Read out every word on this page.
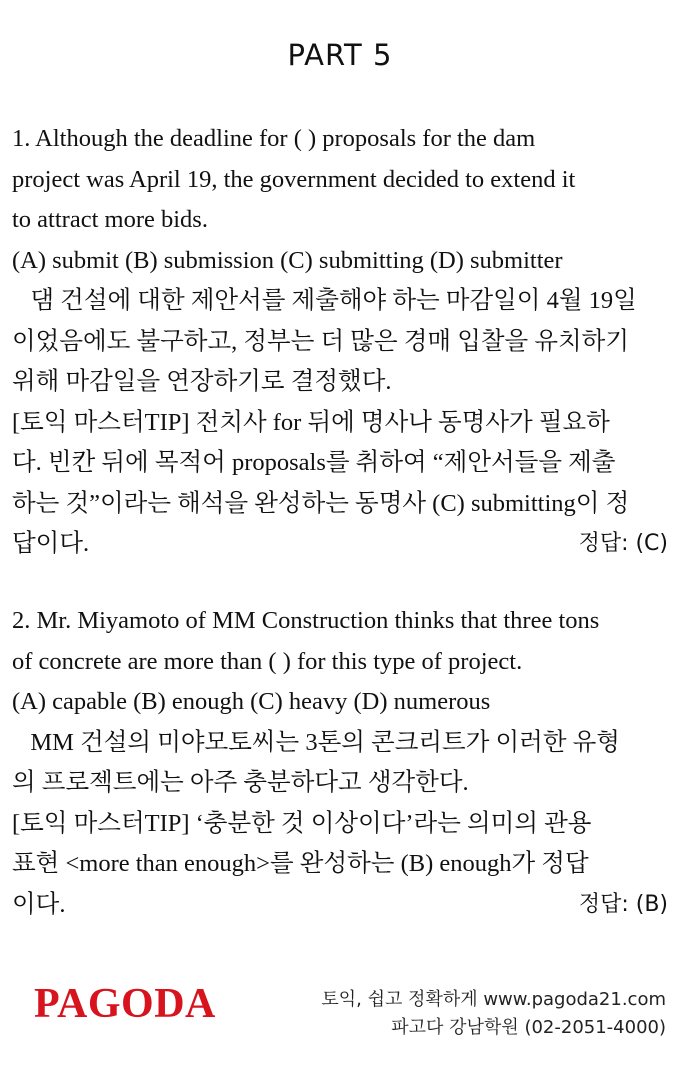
PART 5
1. Although the deadline for ( ) proposals for the dam
project was April 19, the government decided to extend it
to attract more bids.
(A) submit (B) submission (C) submitting (D) submitter
댐 건설에 대한 제안서를 제출해야 하는 마감일이 4월 19일
이었음에도 불구하고, 정부는 더 많은 경매 입찰을 유치하기
위해 마감일을 연장하기로 결정했다.
[토익 마스터TIP] 전치사 for 뒤에 명사나 동명사가 필요하
다. 빈칸 뒤에 목적어 proposals를 취하여 “제안서들을 제출
하는 것”이라는 해석을 완성하는 동명사 (C) submitting이 정
답이다.	정답: (C)
2. Mr. Miyamoto of MM Construction thinks that three tons
of concrete are more than ( ) for this type of project.
(A) capable (B) enough (C) heavy (D) numerous
MM 건설의 미야모토씨는 3톤의 콘크리트가 이러한 유형
의 프로젝트에는 아주 충분하다고 생각한다.
[토익 마스터TIP] ‘충분한 것 이상이다’라는 의미의 관용
표현 <more than enough>를 완성하는 (B) enough가 정답
이다.	정답: (B)
PAGODA	토익, 쉽고 정확하게 www.pagoda21.com
파고다 강남학원 (02-2051-4000)
